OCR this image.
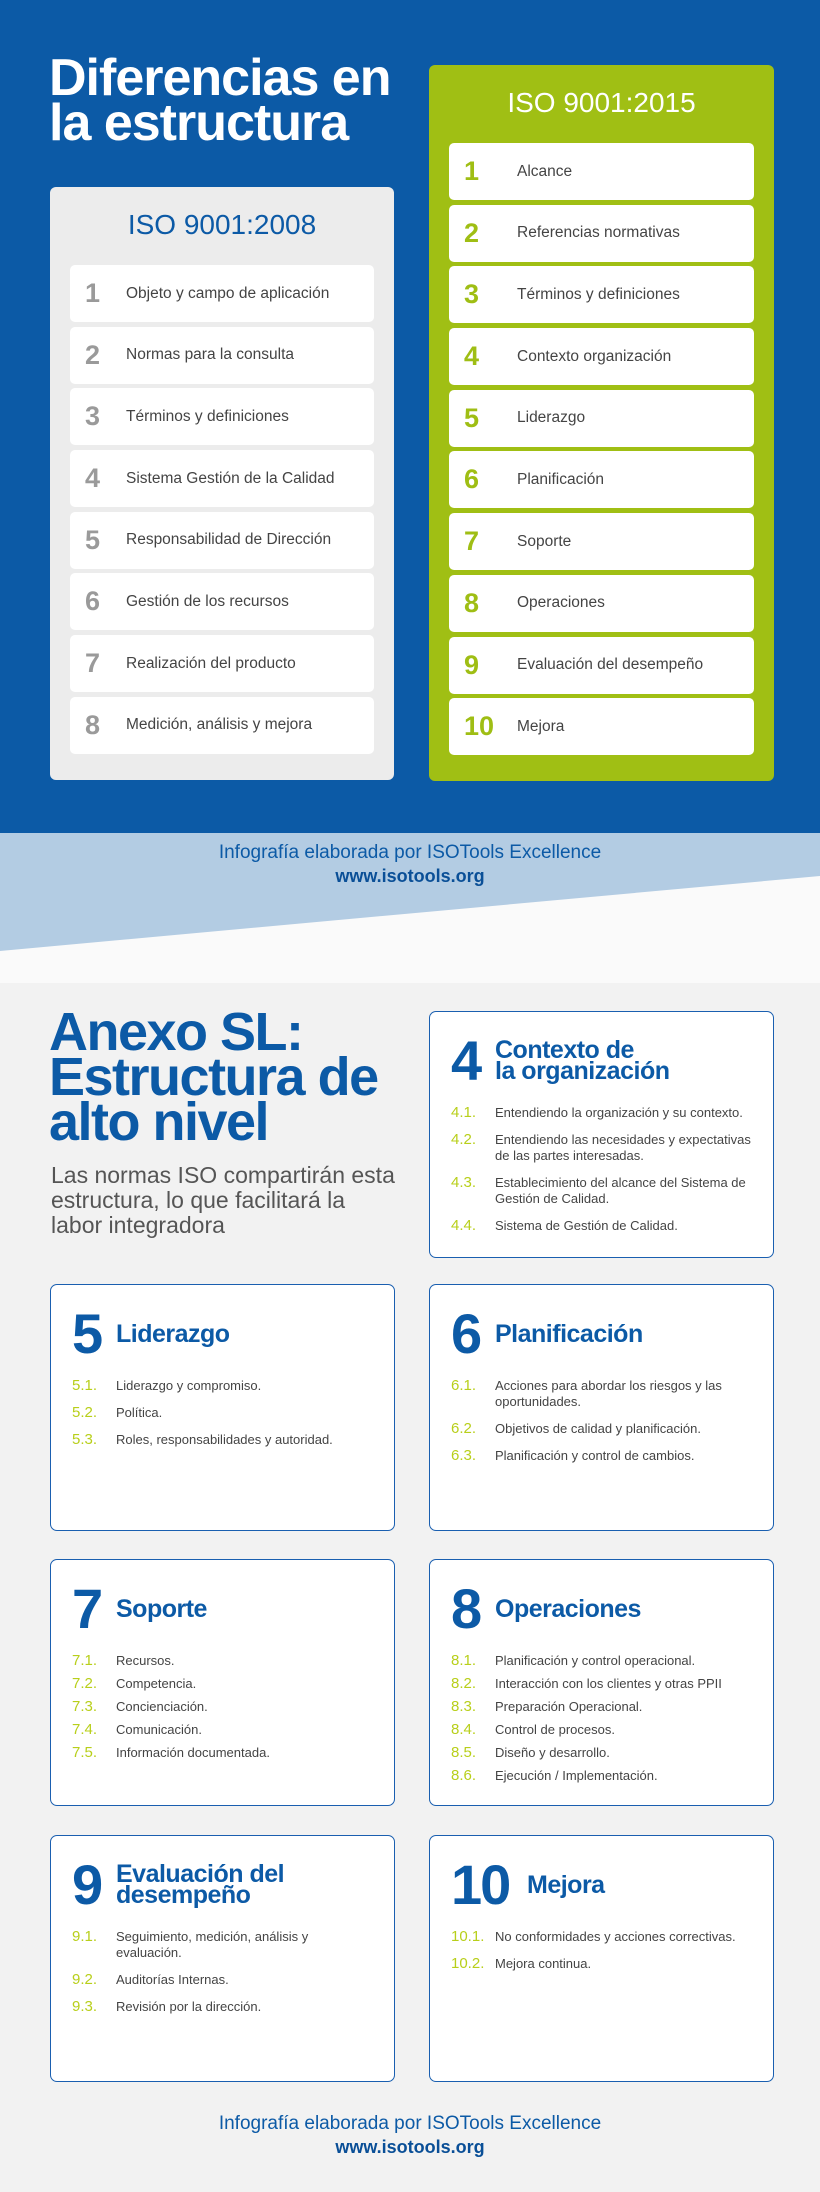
Diferencias en
la estructura
ISO 9001:2008
1	Objeto y campo de aplicación
2	Normas para la consulta
3	Términos y definiciones
4	Sistema Gestión de la Calidad
5	Responsabilidad de Dirección
6	Gestión de los recursos
7	Realización del producto
8	Medición, análisis y mejora
ISO 9001:2015
1	Alcance
2	Referencias normativas
3	Términos y definiciones
4	Contexto organización
5	Liderazgo
6	Planificación
7	Soporte
8	Operaciones
9	Evaluación del desempeño
10	Mejora
Infografía elaborada por ISOTools Excellence
www.isotools.org
Anexo SL:
Estructura de
alto nivel
Las normas ISO compartirán esta estructura, lo que facilitará la labor integradora
4 Contexto de
la organización
4.1.	Entendiendo la organización y su contexto.
4.2.	Entendiendo las necesidades y expectativas de las partes interesadas.
4.3.	Establecimiento del alcance del Sistema de Gestión de Calidad.
4.4.	Sistema de Gestión de Calidad.
5 Liderazgo
5.1.	Liderazgo y compromiso.
5.2.	Política.
5.3.	Roles, responsabilidades y autoridad.
6 Planificación
6.1.	Acciones para abordar los riesgos y las oportunidades.
6.2.	Objetivos de calidad y planificación.
6.3.	Planificación y control de cambios.
7 Soporte
7.1.	Recursos.
7.2.	Competencia.
7.3.	Concienciación.
7.4.	Comunicación.
7.5.	Información documentada.
8 Operaciones
8.1.	Planificación y control operacional.
8.2.	Interacción con los clientes y otras PPII
8.3.	Preparación Operacional.
8.4.	Control de procesos.
8.5.	Diseño y desarrollo.
8.6.	Ejecución / Implementación.
9 Evaluación del
desempeño
9.1.	Seguimiento, medición, análisis y evaluación.
9.2.	Auditorías Internas.
9.3.	Revisión por la dirección.
10 Mejora
10.1. No conformidades y acciones correctivas.
10.2. Mejora continua.
Infografía elaborada por ISOTools Excellence
www.isotools.org
